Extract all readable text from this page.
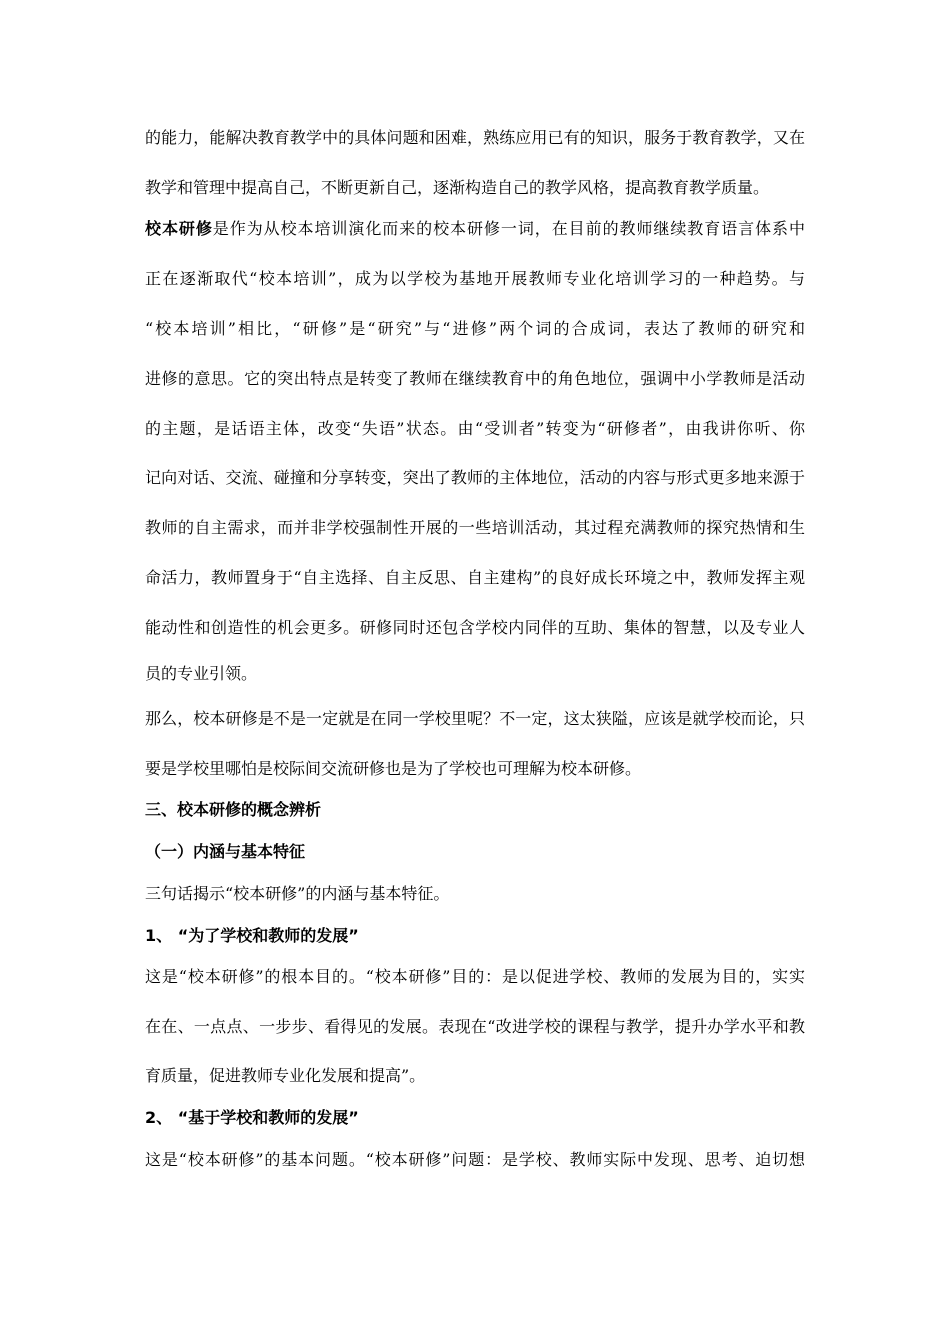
的能力，能解决教育教学中的具体问题和困难，熟练应用已有的知识，服务于教育教学，又在

教学和管理中提高自己，不断更新自己，逐渐构造自己的教学风格，提高教育教学质量。

校本研修是作为从校本培训演化而来的校本研修一词，在目前的教师继续教育语言体系中

正在逐渐取代“校本培训”，成为以学校为基地开展教师专业化培训学习的一种趋势。与

“校本培训”相比，“研修”是“研究”与“进修”两个词的合成词，表达了教师的研究和

进修的意思。它的突出特点是转变了教师在继续教育中的角色地位，强调中小学教师是活动

的主题，是话语主体，改变“失语”状态。由“受训者”转变为“研修者”，由我讲你听、你

记向对话、交流、碰撞和分享转变，突出了教师的主体地位，活动的内容与形式更多地来源于

教师的自主需求，而并非学校强制性开展的一些培训活动，其过程充满教师的探究热情和生

命活力，教师置身于“自主选择、自主反思、自主建构”的良好成长环境之中，教师发挥主观

能动性和创造性的机会更多。研修同时还包含学校内同伴的互助、集体的智慧，以及专业人

员的专业引领。

那么，校本研修是不是一定就是在同一学校里呢？不一定，这太狭隘，应该是就学校而论，只

要是学校里哪怕是校际间交流研修也是为了学校也可理解为校本研修。

三、校本研修的概念辨析

（一）内涵与基本特征

三句话揭示“校本研修”的内涵与基本特征。

1、 “为了学校和教师的发展”

这是“校本研修”的根本目的。“校本研修”目的：是以促进学校、教师的发展为目的，实实

在在、一点点、一步步、看得见的发展。表现在“改进学校的课程与教学，提升办学水平和教

育质量，促进教师专业化发展和提高”。

2、 “基于学校和教师的发展”

这是“校本研修”的基本问题。“校本研修”问题：是学校、教师实际中发现、思考、迫切想
